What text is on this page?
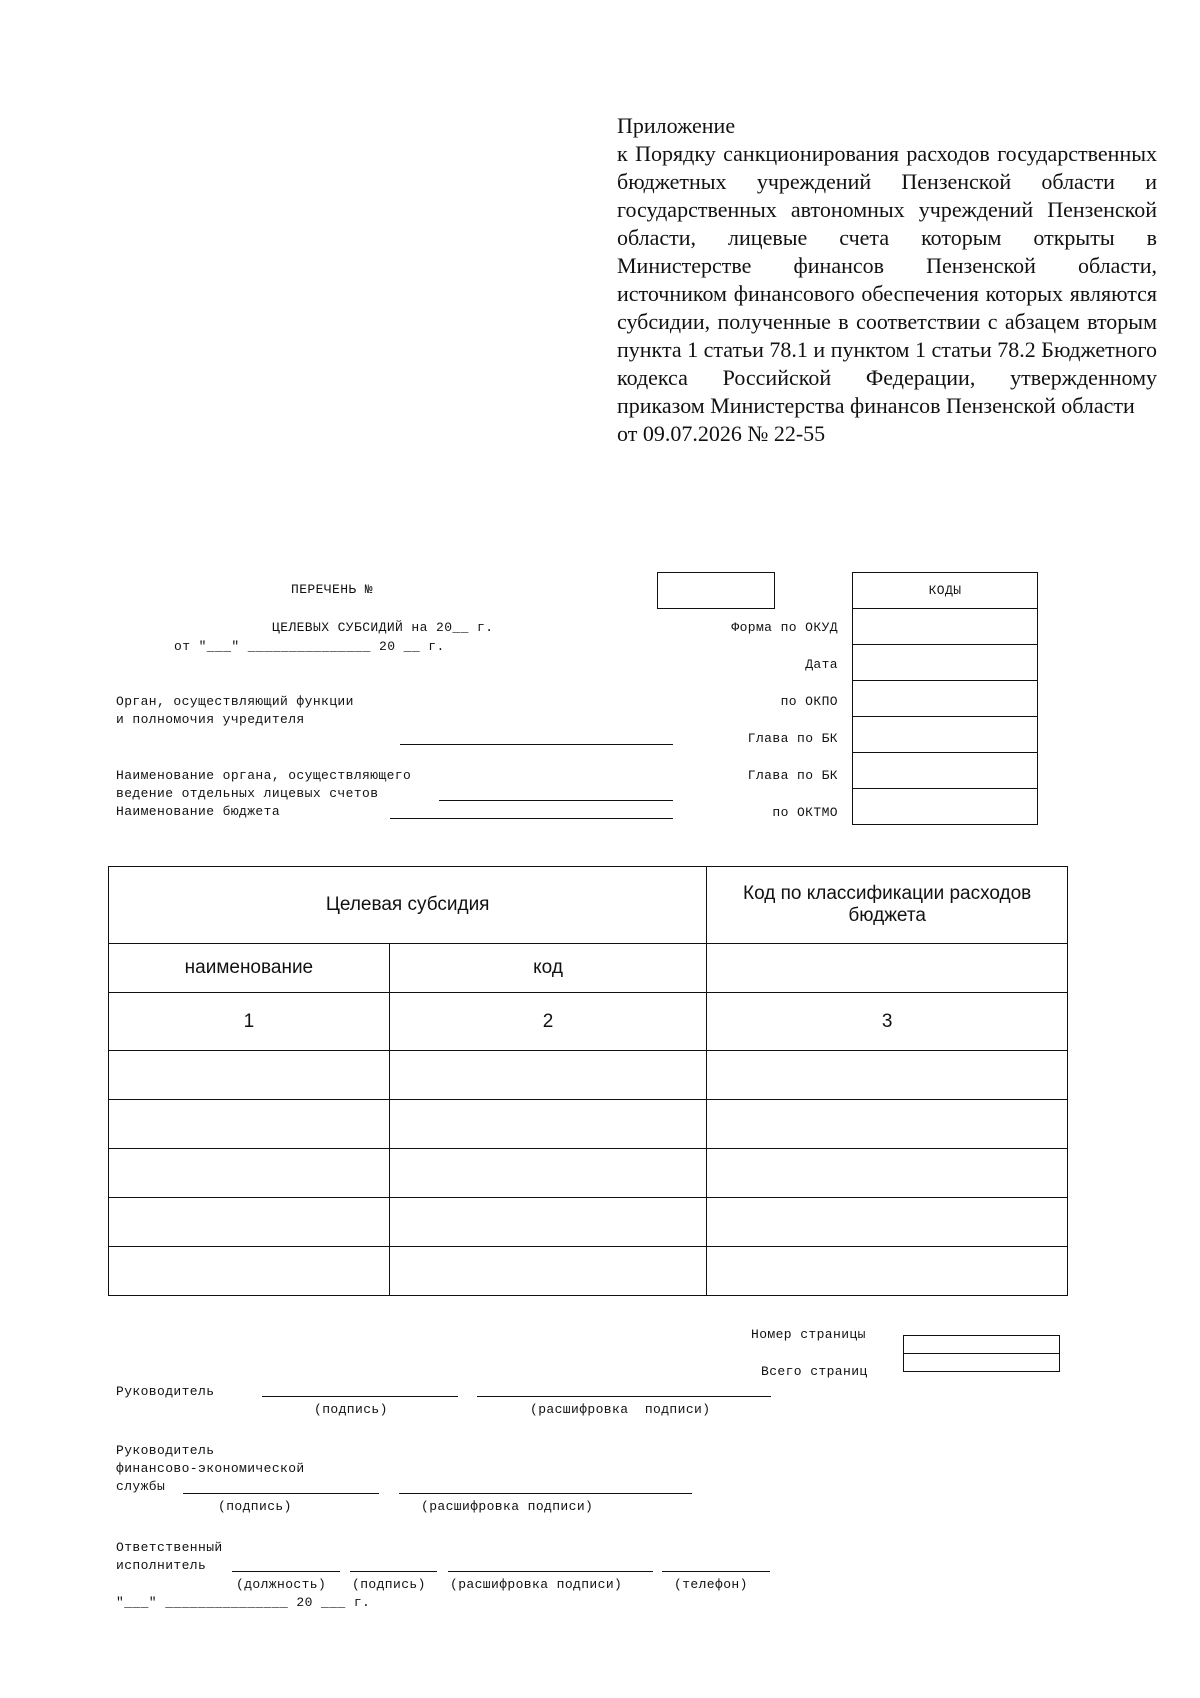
Приложение
к Порядку санкционирования расходов государственных бюджетных учреждений Пензенской области и государственных автономных учреждений Пензенской области, лицевые счета которым открыты в Министерстве финансов Пензенской области, источником финансового обеспечения которых являются субсидии, полученные в соответствии с абзацем вторым пункта 1 статьи 78.1 и пунктом 1 статьи 78.2 Бюджетного кодекса Российской Федерации, утвержденному приказом Министерства финансов Пензенской области
от 09.07.2026 № 22-55
ПЕРЕЧЕНЬ №
ЦЕЛЕВЫХ СУБСИДИЙ на 20__ г.
от "___" _______________ 20 __ г.
Орган, осуществляющий функции
и полномочия учредителя
Наименование органа, осуществляющего
ведение отдельных лицевых счетов
Наименование бюджета
Форма по ОКУД
Дата
по ОКПО
Глава по БК
Глава по БК
по ОКТМО
КОДЫ

Целевая субсидия		Код по классификации расходов бюджета
наименование	код	
1	2	3

Номер страницы
Всего страниц
Руководитель
(подпись)	(расшифровка  подписи)
Руководитель
финансово-экономической
службы
(подпись)	(расшифровка подписи)
Ответственный
исполнитель
(должность) (подпись) (расшифровка подписи)	(телефон)
"___" _______________ 20 ___ г.
